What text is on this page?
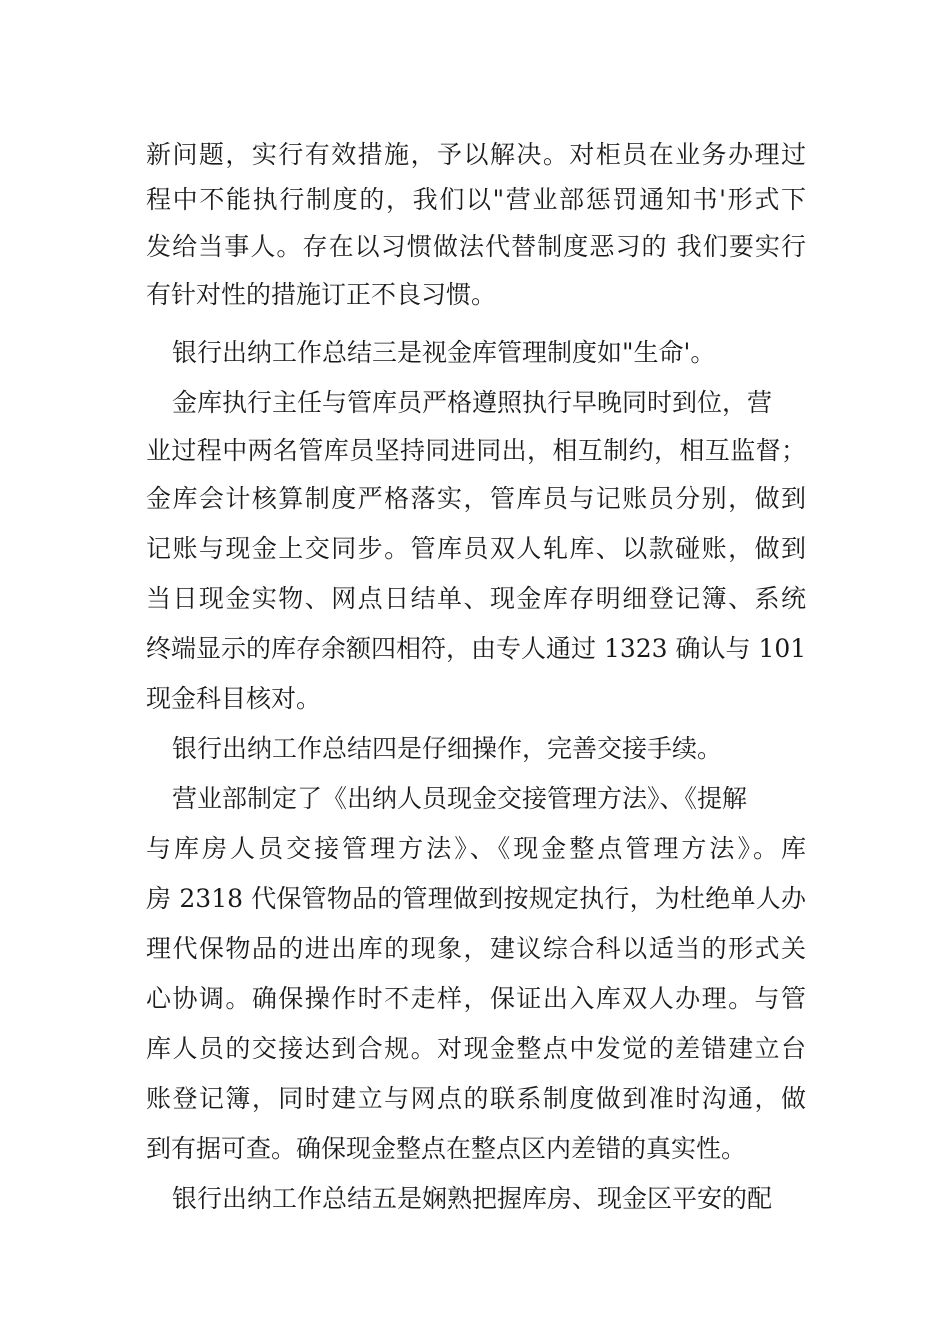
新问题，实行有效措施，予以解决。对柜员在业务办理过
程中不能执行制度的，我们以"营业部惩罚通知书'形式下
发给当事人。存在以习惯做法代替制度恶习的 我们要实行
有针对性的措施订正不良习惯。
银行出纳工作总结三是视金库管理制度如"生命'。
金库执行主任与管库员严格遵照执行早晚同时到位，营
业过程中两名管库员坚持同进同出，相互制约，相互监督；
金库会计核算制度严格落实，管库员与记账员分别，做到
记账与现金上交同步。管库员双人轧库、以款碰账，做到
当日现金实物、网点日结单、现金库存明细登记簿、系统
终端显示的库存余额四相符，由专人通过 1323 确认与 101
现金科目核对。
银行出纳工作总结四是仔细操作，完善交接手续。
营业部制定了《出纳人员现金交接管理方法》、《提解
与库房人员交接管理方法》、《现金整点管理方法》。库
房 2318 代保管物品的管理做到按规定执行，为杜绝单人办
理代保物品的进出库的现象，建议综合科以适当的形式关
心协调。确保操作时不走样，保证出入库双人办理。与管
库人员的交接达到合规。对现金整点中发觉的差错建立台
账登记簿，同时建立与网点的联系制度做到准时沟通，做
到有据可查。确保现金整点在整点区内差错的真实性。
银行出纳工作总结五是娴熟把握库房、现金区平安的配
